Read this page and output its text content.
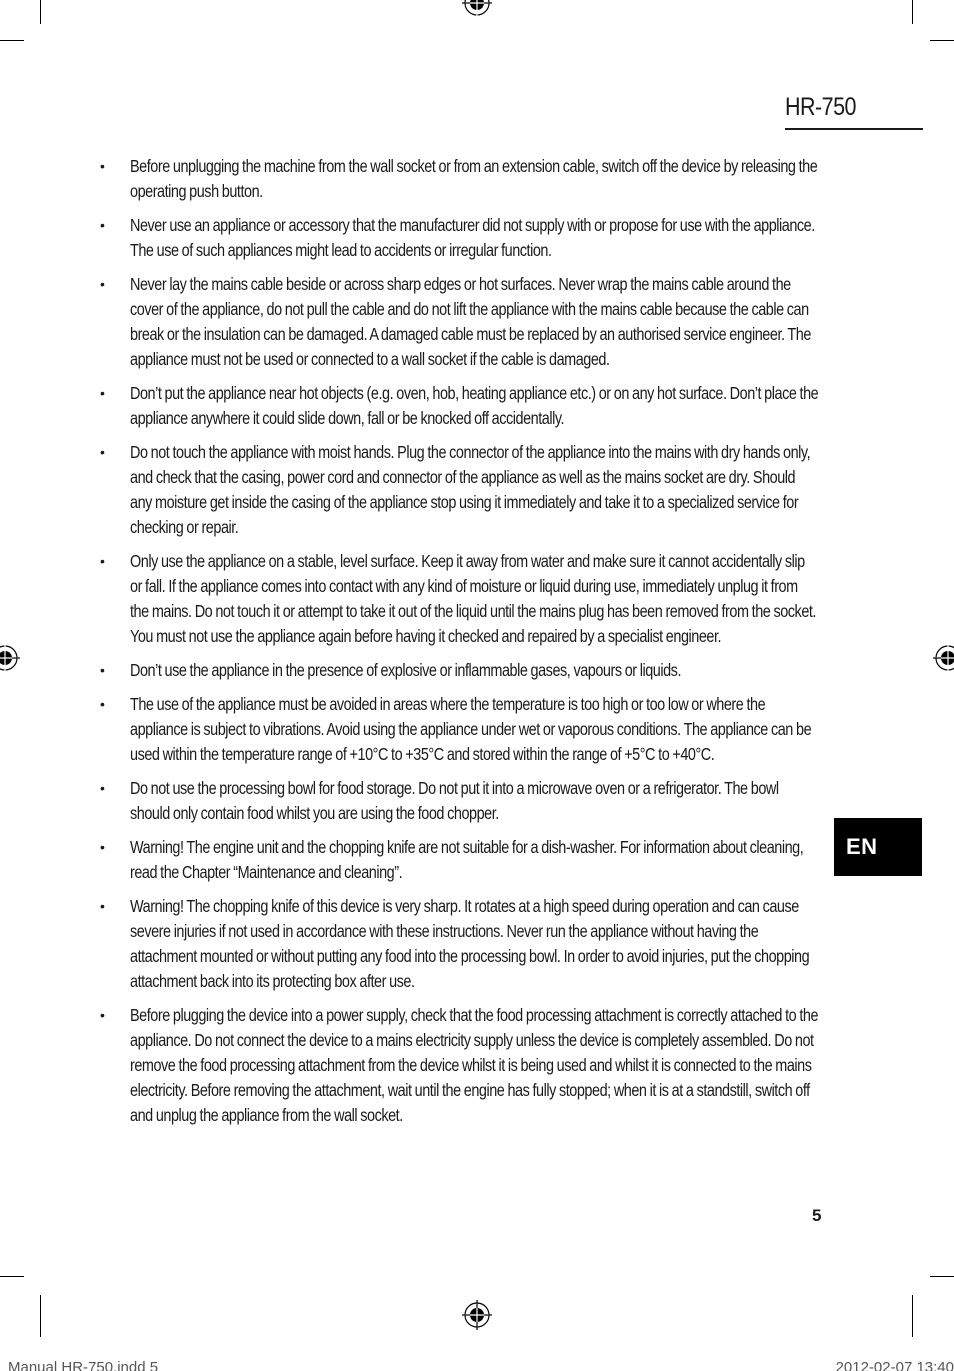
HR-750
EN
• Before unplugging the machine from the wall socket or from an extension cable, switch off the device by releasing the operating push button.
• Never use an appliance or accessory that the manufacturer did not supply with or propose for use with the appliance. The use of such appliances might lead to accidents or irregular function.
• Never lay the mains cable beside or across sharp edges or hot surfaces. Never wrap the mains cable around the cover of the appliance, do not pull the cable and do not lift the appliance with the mains cable because the cable can break or the insulation can be damaged. A damaged cable must be replaced by an authorised service engineer. The appliance must not be used or connected to a wall socket if the cable is damaged.
• Don’t put the appliance near hot objects (e.g. oven, hob, heating appliance etc.) or on any hot surface. Don’t place the appliance anywhere it could slide down, fall or be knocked off accidentally.
• Do not touch the appliance with moist hands. Plug the connector of the appliance into the mains with dry hands only, and check that the casing, power cord and connector of the appliance as well as the mains socket are dry. Should any moisture get inside the casing of the appliance stop using it immediately and take it to a specialized service for checking or repair.
• Only use the appliance on a stable, level surface. Keep it away from water and make sure it cannot accidentally slip or fall. If the appliance comes into contact with any kind of moisture or liquid during use, immediately unplug it from the mains. Do not touch it or attempt to take it out of the liquid until the mains plug has been removed from the socket. You must not use the appliance again before having it checked and repaired by a specialist engineer.
• Don’t use the appliance in the presence of explosive or inflammable gases, vapours or liquids.
• The use of the appliance must be avoided in areas where the temperature is too high or too low or where the appliance is subject to vibrations. Avoid using the appliance under wet or vaporous conditions. The appliance can be used within the temperature range of +10°C to +35°C and stored within the range of +5°C to +40°C.
• Do not use the processing bowl for food storage. Do not put it into a microwave oven or a refrigerator. The bowl should only contain food whilst you are using the food chopper.
• Warning! The engine unit and the chopping knife are not suitable for a dish-washer. For information about cleaning, read the Chapter “Maintenance and cleaning”.
• Warning! The chopping knife of this device is very sharp. It rotates at a high speed during operation and can cause severe injuries if not used in accordance with these instructions. Never run the appliance without having the attachment mounted or without putting any food into the processing bowl. In order to avoid injuries, put the chopping attachment back into its protecting box after use.
• Before plugging the device into a power supply, check that the food processing attachment is correctly attached to the appliance. Do not connect the device to a mains electricity supply unless the device is completely assembled. Do not remove the food processing attachment from the device whilst it is being used and whilst it is connected to the mains electricity. Before removing the attachment, wait until the engine has fully stopped; when it is at a standstill, switch off and unplug the appliance from the wall socket.
5
Manual HR-750.indd 5	2012-02-07 13:40
